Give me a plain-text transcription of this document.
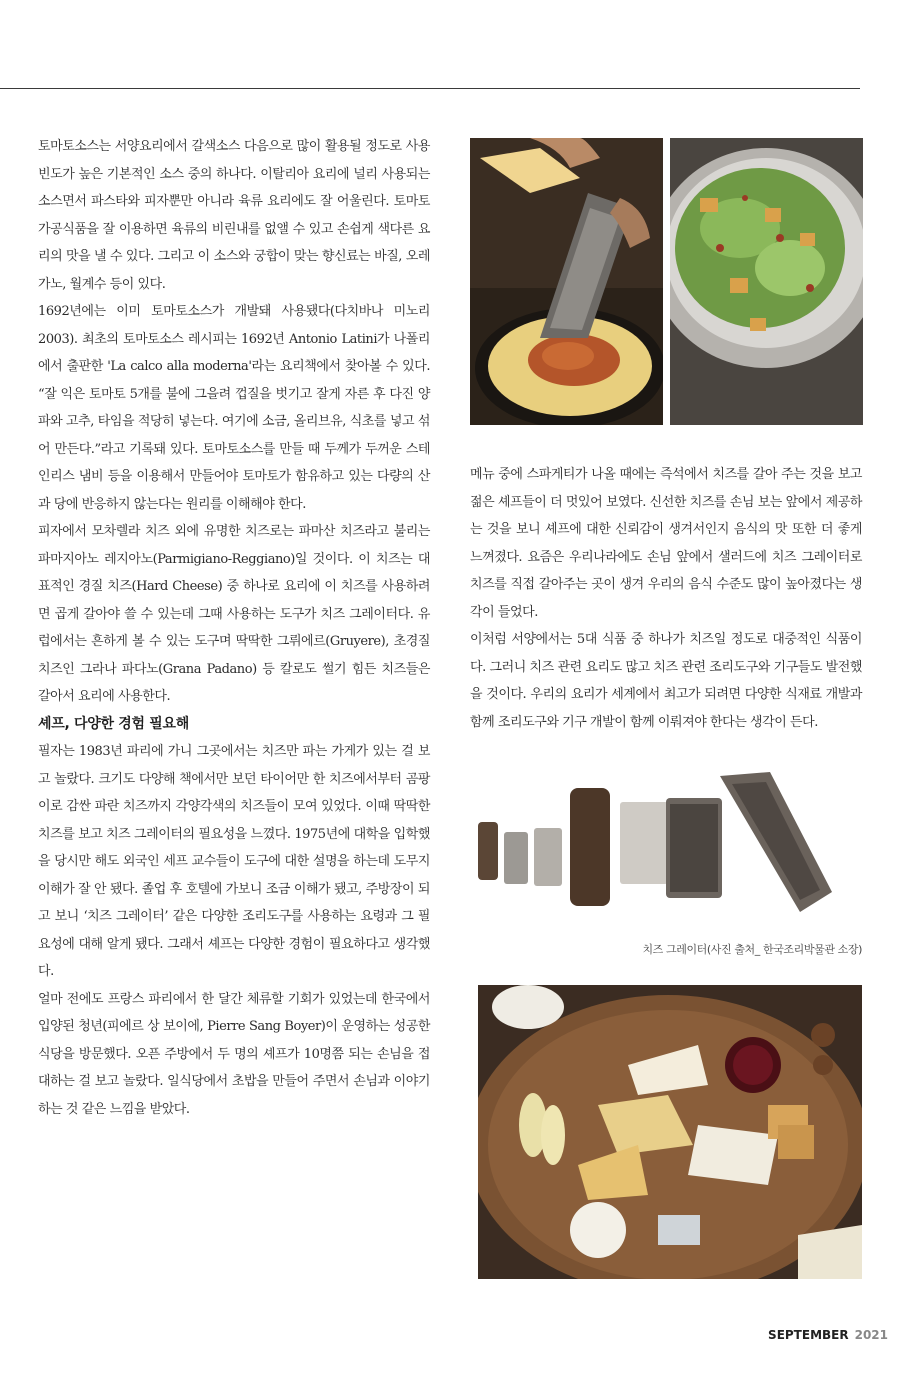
토마토소스는 서양요리에서 갈색소스 다음으로 많이 활용될 정도로 사용빈도가 높은 기본적인 소스 중의 하나다. 이탈리아 요리에 널리 사용되는 소스면서 파스타와 피자뿐만 아니라 육류 요리에도 잘 어울린다. 토마토 가공식품을 잘 이용하면 육류의 비린내를 없앨 수 있고 손쉽게 색다른 요리의 맛을 낼 수 있다. 그리고 이 소스와 궁합이 맞는 향신료는 바질, 오레가노, 월계수 등이 있다.

1692년에는 이미 토마토소스가 개발돼 사용됐다(다치바나 미노리 2003). 최초의 토마토소스 레시피는 1692년 Antonio Latini가 나폴리에서 출판한 'La calco alla moderna'라는 요리책에서 찾아볼 수 있다. “잘 익은 토마토 5개를 불에 그을려 껍질을 벗기고 잘게 자른 후 다진 양파와 고추, 타임을 적당히 넣는다. 여기에 소금, 올리브유, 식초를 넣고 섞어 만든다.”라고 기록돼 있다. 토마토소스를 만들 때 두께가 두꺼운 스테인리스 냄비 등을 이용해서 만들어야 토마토가 함유하고 있는 다량의 산과 당에 반응하지 않는다는 원리를 이해해야 한다.

피자에서 모차렐라 치즈 외에 유명한 치즈로는 파마산 치즈라고 불리는 파마지아노 레지아노(Parmigiano-Reggiano)일 것이다. 이 치즈는 대표적인 경질 치즈(Hard Cheese) 중 하나로 요리에 이 치즈를 사용하려면 곱게 갈아야 쓸 수 있는데 그때 사용하는 도구가 치즈 그레이터다. 유럽에서는 흔하게 볼 수 있는 도구며 딱딱한 그뤼에르(Gruyere), 초경질 치즈인 그라나 파다노(Grana Padano) 등 칼로도 썰기 힘든 치즈들은 갈아서 요리에 사용한다.

셰프, 다양한 경험 필요해

필자는 1983년 파리에 가니 그곳에서는 치즈만 파는 가게가 있는 걸 보고 놀랐다. 크기도 다양해 책에서만 보던 타이어만 한 치즈에서부터 곰팡이로 감싼 파란 치즈까지 각양각색의 치즈들이 모여 있었다. 이때 딱딱한 치즈를 보고 치즈 그레이터의 필요성을 느꼈다. 1975년에 대학을 입학했을 당시만 해도 외국인 세프 교수들이 도구에 대한 설명을 하는데 도무지 이해가 잘 안 됐다. 졸업 후 호텔에 가보니 조금 이해가 됐고, 주방장이 되고 보니 ‘치즈 그레이터’ 같은 다양한 조리도구를 사용하는 요령과 그 필요성에 대해 알게 됐다. 그래서 셰프는 다양한 경험이 필요하다고 생각했다.

얼마 전에도 프랑스 파리에서 한 달간 체류할 기회가 있었는데 한국에서 입양된 청년(피에르 상 보이에, Pierre Sang Boyer)이 운영하는 성공한 식당을 방문했다. 오픈 주방에서 두 명의 셰프가 10명쯤 되는 손님을 접대하는 걸 보고 놀랐다. 일식당에서 초밥을 만들어 주면서 손님과 이야기하는 것 같은 느낌을 받았다.

메뉴 중에 스파게티가 나올 때에는 즉석에서 치즈를 갈아 주는 것을 보고 젊은 셰프들이 더 멋있어 보였다. 신선한 치즈를 손님 보는 앞에서 제공하는 것을 보니 셰프에 대한 신뢰감이 생겨서인지 음식의 맛 또한 더 좋게 느껴졌다. 요즘은 우리나라에도 손님 앞에서 샐러드에 치즈 그레이터로 치즈를 직접 갈아주는 곳이 생겨 우리의 음식 수준도 많이 높아졌다는 생각이 들었다.

이처럼 서양에서는 5대 식품 중 하나가 치즈일 정도로 대중적인 식품이다. 그러니 치즈 관련 요리도 많고 치즈 관련 조리도구와 기구들도 발전했을 것이다. 우리의 요리가 세계에서 최고가 되려면 다양한 식재료 개발과 함께 조리도구와 기구 개발이 함께 이뤄져야 한다는 생각이 든다.

치즈 그레이터(사진 출처_ 한국조리박물관 소장)

SEPTEMBER 2021
